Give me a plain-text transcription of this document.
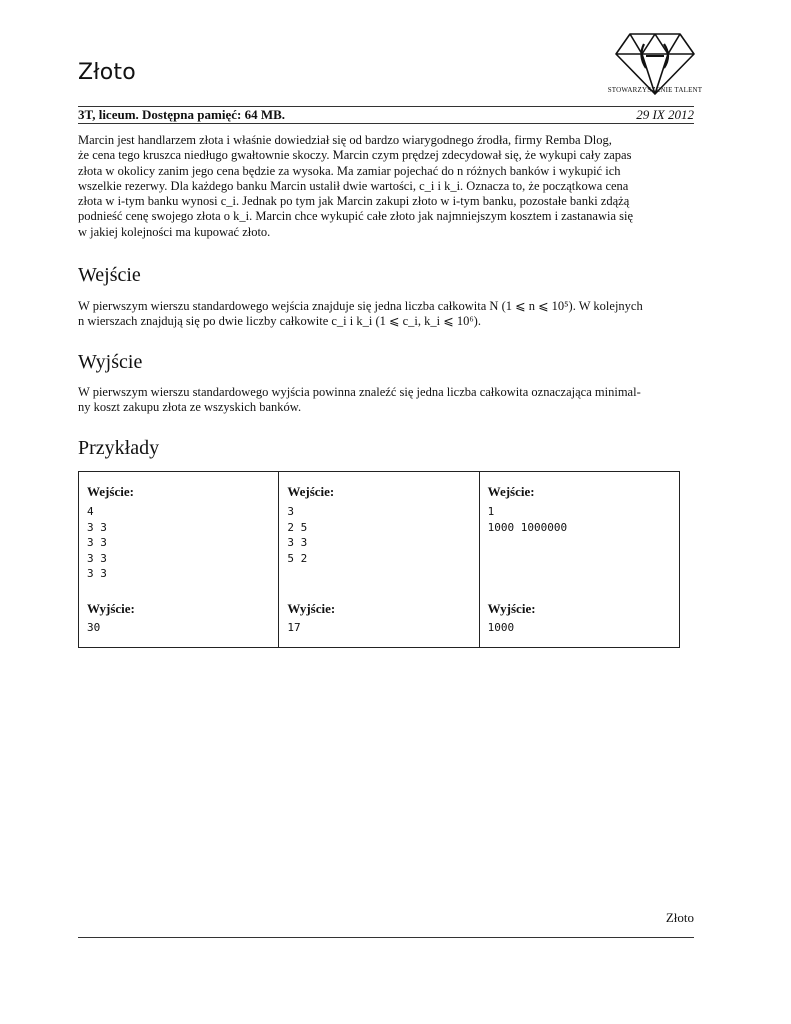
Złoto
STOWARZYSZENIE TALENT
3T, liceum. Dostępna pamięć: 64 MB.	29 IX 2012
Marcin jest handlarzem złota i właśnie dowiedział się od bardzo wiarygodnego źrodła, firmy Remba Dlog,
że cena tego kruszca niedługo gwałtownie skoczy. Marcin czym prędzej zdecydował się, że wykupi cały zapas
złota w okolicy zanim jego cena będzie za wysoka. Ma zamiar pojechać do n różnych banków i wykupić ich
wszelkie rezerwy. Dla każdego banku Marcin ustalił dwie wartości, c_i i k_i. Oznacza to, że początkowa cena
złota w i-tym banku wynosi c_i. Jednak po tym jak Marcin zakupi złoto w i-tym banku, pozostałe banki zdążą
podnieść cenę swojego złota o k_i. Marcin chce wykupić całe złoto jak najmniejszym kosztem i zastanawia się
w jakiej kolejności ma kupować złoto.
Wejście
W pierwszym wierszu standardowego wejścia znajduje się jedna liczba całkowita N (1 ⩽ n ⩽ 10⁵). W kolejnych
n wierszach znajdują się po dwie liczby całkowite c_i i k_i (1 ⩽ c_i, k_i ⩽ 10⁶).
Wyjście
W pierwszym wierszu standardowego wyjścia powinna znaleźć się jedna liczba całkowita oznaczająca minimal-
ny koszt zakupu złota ze wszyskich banków.
Przykłady
Wejście:
4
3 3
3 3
3 3
3 3
Wyjście:
30
Wejście:
3
2 5
3 3
5 2
Wyjście:
17
Wejście:
1
1000 1000000
Wyjście:
1000
Złoto
